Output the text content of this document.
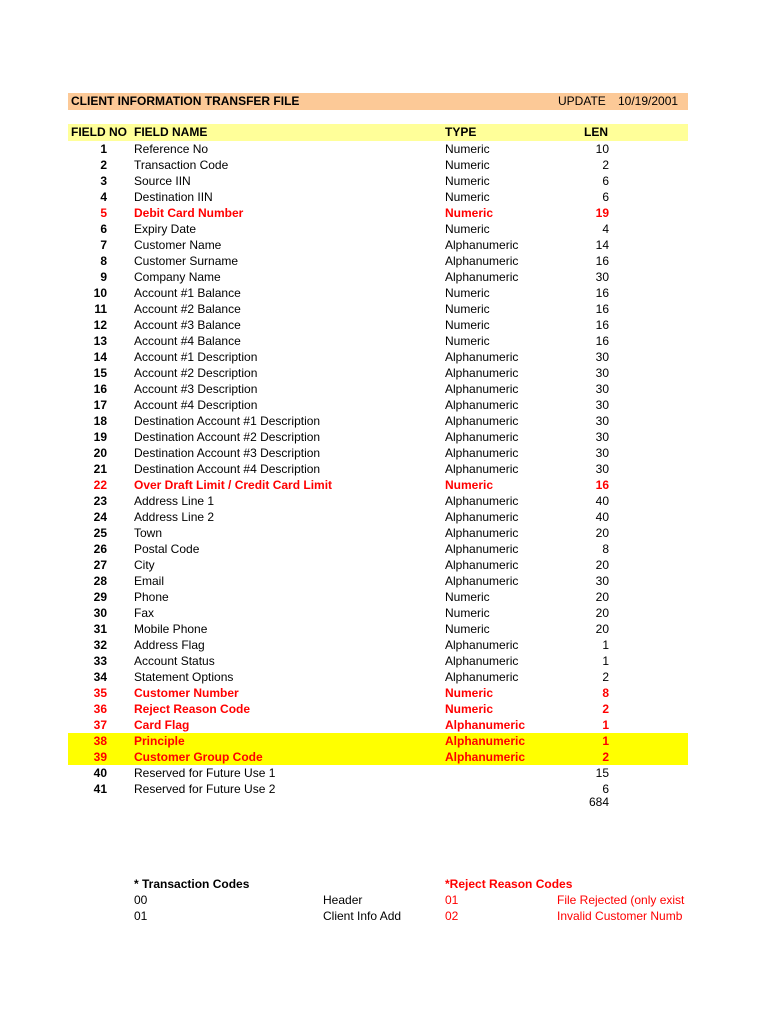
CLIENT INFORMATION TRANSFER FILE	UPDATE 10/19/2001
FIELD NO FIELD NAME	TYPE	LEN
1 Reference No	Numeric	10
2 Transaction Code	Numeric	2
3 Source IIN	Numeric	6
4 Destination IIN	Numeric	6
5 Debit Card Number	Numeric	19
6 Expiry Date	Numeric	4
7 Customer Name	Alphanumeric	14
8 Customer Surname	Alphanumeric	16
9 Company Name	Alphanumeric	30
10 Account #1 Balance	Numeric	16
11 Account #2 Balance	Numeric	16
12 Account #3 Balance	Numeric	16
13 Account #4 Balance	Numeric	16
14 Account #1 Description	Alphanumeric	30
15 Account #2 Description	Alphanumeric	30
16 Account #3 Description	Alphanumeric	30
17 Account #4 Description	Alphanumeric	30
18 Destination Account #1 Description	Alphanumeric	30
19 Destination Account #2 Description	Alphanumeric	30
20 Destination Account #3 Description	Alphanumeric	30
21 Destination Account #4 Description	Alphanumeric	30
22 Over Draft Limit / Credit Card Limit	Numeric	16
23 Address Line 1	Alphanumeric	40
24 Address Line 2	Alphanumeric	40
25 Town	Alphanumeric	20
26 Postal Code	Alphanumeric	8
27 City	Alphanumeric	20
28 Email	Alphanumeric	30
29 Phone	Numeric	20
30 Fax	Numeric	20
31 Mobile Phone	Numeric	20
32 Address Flag	Alphanumeric	1
33 Account Status	Alphanumeric	1
34 Statement Options	Alphanumeric	2
35 Customer Number	Numeric	8
36 Reject Reason Code	Numeric	2
37 Card Flag	Alphanumeric	1
38 Principle	Alphanumeric	1
39 Customer Group Code	Alphanumeric	2
40 Reserved for Future Use 1	15
41 Reserved for Future Use 2	6
684
* Transaction Codes
00	Header
01	Client Info Add
*Reject Reason Codes
01	File Rejected (only exist
02	Invalid Customer Numb
